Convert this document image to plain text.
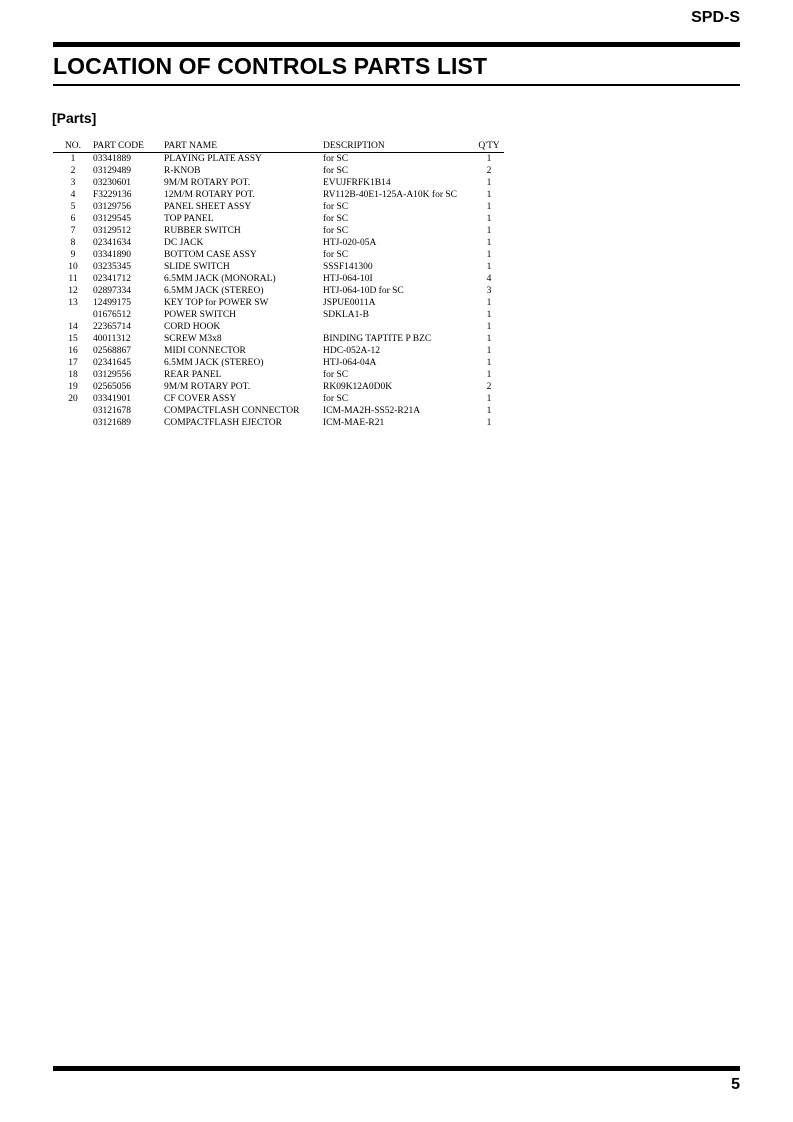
SPD-S
LOCATION OF CONTROLS PARTS LIST
[Parts]
NO.	PART CODE	PART NAME	DESCRIPTION	Q'TY
1	03341889	PLAYING PLATE ASSY	for SC	1
2	03129489	R-KNOB	for SC	2
3	03230601	9M/M ROTARY POT.	EVUJFRFK1B14	1
4	F3229136	12M/M ROTARY POT.	RV112B-40E1-125A-A10K for SC	1
5	03129756	PANEL SHEET ASSY	for SC	1
6	03129545	TOP PANEL	for SC	1
7	03129512	RUBBER SWITCH	for SC	1
8	02341634	DC JACK	HTJ-020-05A	1
9	03341890	BOTTOM CASE ASSY	for SC	1
10	03235345	SLIDE SWITCH	SSSF141300	1
11	02341712	6.5MM JACK (MONORAL)	HTJ-064-10I	4
12	02897334	6.5MM JACK (STEREO)	HTJ-064-10D for SC	3
13	12499175	KEY TOP for POWER SW	JSPUE0011A	1
	01676512	POWER SWITCH	SDKLA1-B	1
14	22365714	CORD HOOK		1
15	40011312	SCREW M3x8	BINDING TAPTITE P BZC	1
16	02568867	MIDI CONNECTOR	HDC-052A-12	1
17	02341645	6.5MM JACK (STEREO)	HTJ-064-04A	1
18	03129556	REAR PANEL	for SC	1
19	02565056	9M/M ROTARY POT.	RK09K12A0D0K	2
20	03341901	CF COVER ASSY	for SC	1
	03121678	COMPACTFLASH CONNECTOR	ICM-MA2H-SS52-R21A	1
	03121689	COMPACTFLASH EJECTOR	ICM-MAE-R21	1
5
